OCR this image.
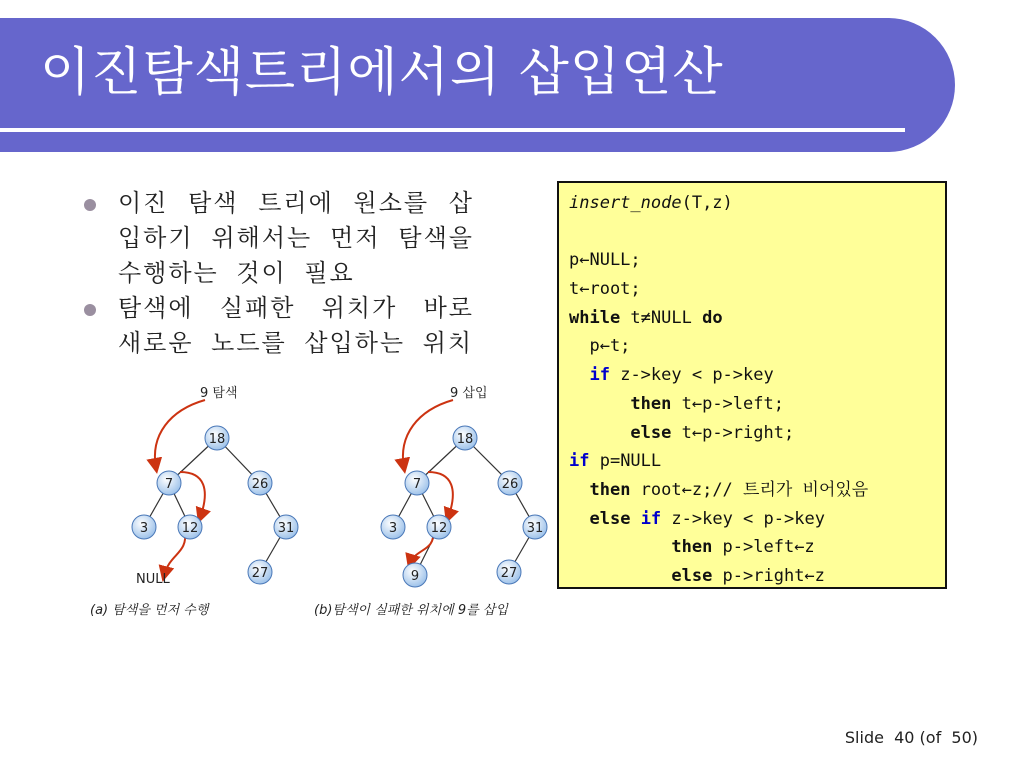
이진탐색트리에서의 삽입연산
이진 탐색 트리에 원소를 삽입하기 위해서는 먼저 탐색을 수행하는 것이 필요
탐색에 실패한 위치가 바로 새로운 노드를 삽입하는 위치
9 탐색
18
7	26
3	12	31
27
NULL
(a) 탐색을 먼저 수행
9 삽입
18
7	26
3	12	31
9	27
(b)탐색이 실패한 위치에 9를 삽입
insert_node(T,z)
p←NULL;
t←root;
while t≠NULL do
p←t;
if z->key < p->key
then t←p->left;
else t←p->right;
if p=NULL
then root←z;// 트리가 비어있음
else if z->key < p->key
then p->left←z
else p->right←z
Slide  40 (of  50)
